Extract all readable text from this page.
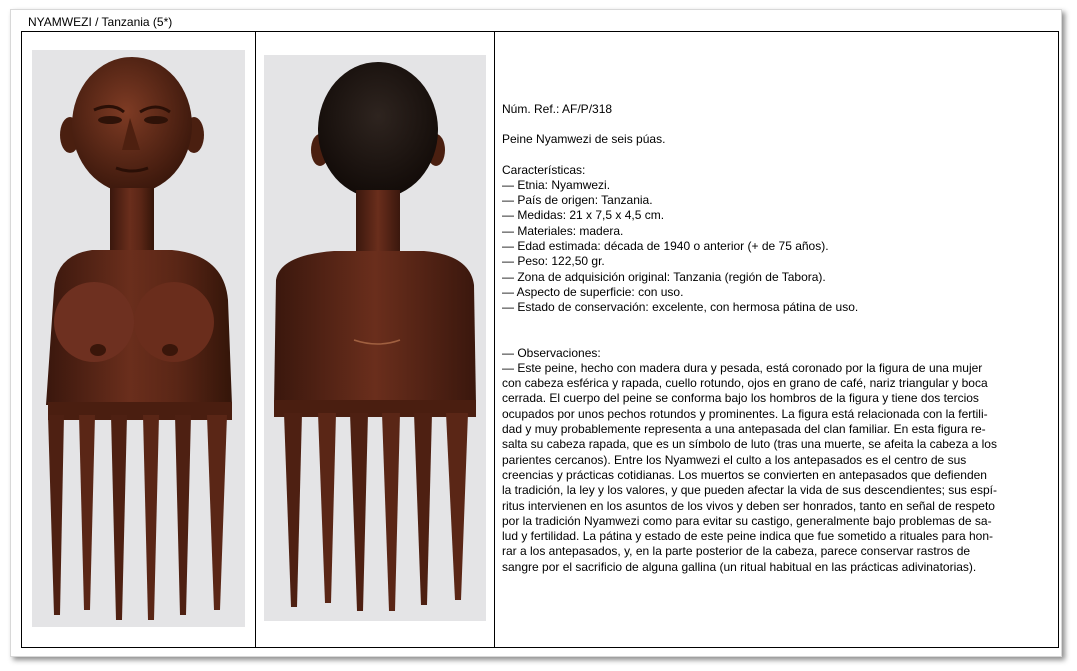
NYAMWEZI / Tanzania (5*)

Núm. Ref.: AF/P/318

Peine Nyamwezi de seis púas.

Características:

— Etnia: Nyamwezi.

— País de origen: Tanzania.

— Medidas: 21 x 7,5 x 4,5 cm.

— Materiales: madera.

— Edad estimada: década de 1940 o anterior (+ de 75 años).

— Peso: 122,50 gr.

— Zona de adquisición original: Tanzania (región de Tabora).

— Aspecto de superficie: con uso.

— Estado de conservación: excelente, con hermosa pátina de uso.

— Observaciones:

— Este peine, hecho con madera dura y pesada, está coronado por la figura de una mujer

con cabeza esférica y rapada, cuello rotundo, ojos en grano de café, nariz triangular y boca

cerrada. El cuerpo del peine se conforma bajo los hombros de la figura y tiene dos tercios

ocupados por unos pechos rotundos y prominentes. La figura está relacionada con la fertili-

dad y muy probablemente representa a una antepasada del clan familiar. En esta figura re-

salta su cabeza rapada, que es un símbolo de luto (tras una muerte, se afeita la cabeza a los

parientes cercanos). Entre los Nyamwezi el culto a los antepasados es el centro de sus

creencias y prácticas cotidianas. Los muertos se convierten en antepasados que defienden

la tradición, la ley y los valores, y que pueden afectar la vida de sus descendientes; sus espí-

ritus intervienen en los asuntos de los vivos y deben ser honrados, tanto en señal de respeto

por la tradición Nyamwezi como para evitar su castigo, generalmente bajo problemas de sa-

lud y fertilidad. La pátina y estado de este peine indica que fue sometido a rituales para hon-

rar a los antepasados, y, en la parte posterior de la cabeza, parece conservar rastros de

sangre por el sacrificio de alguna gallina (un ritual habitual en las prácticas adivinatorias).
